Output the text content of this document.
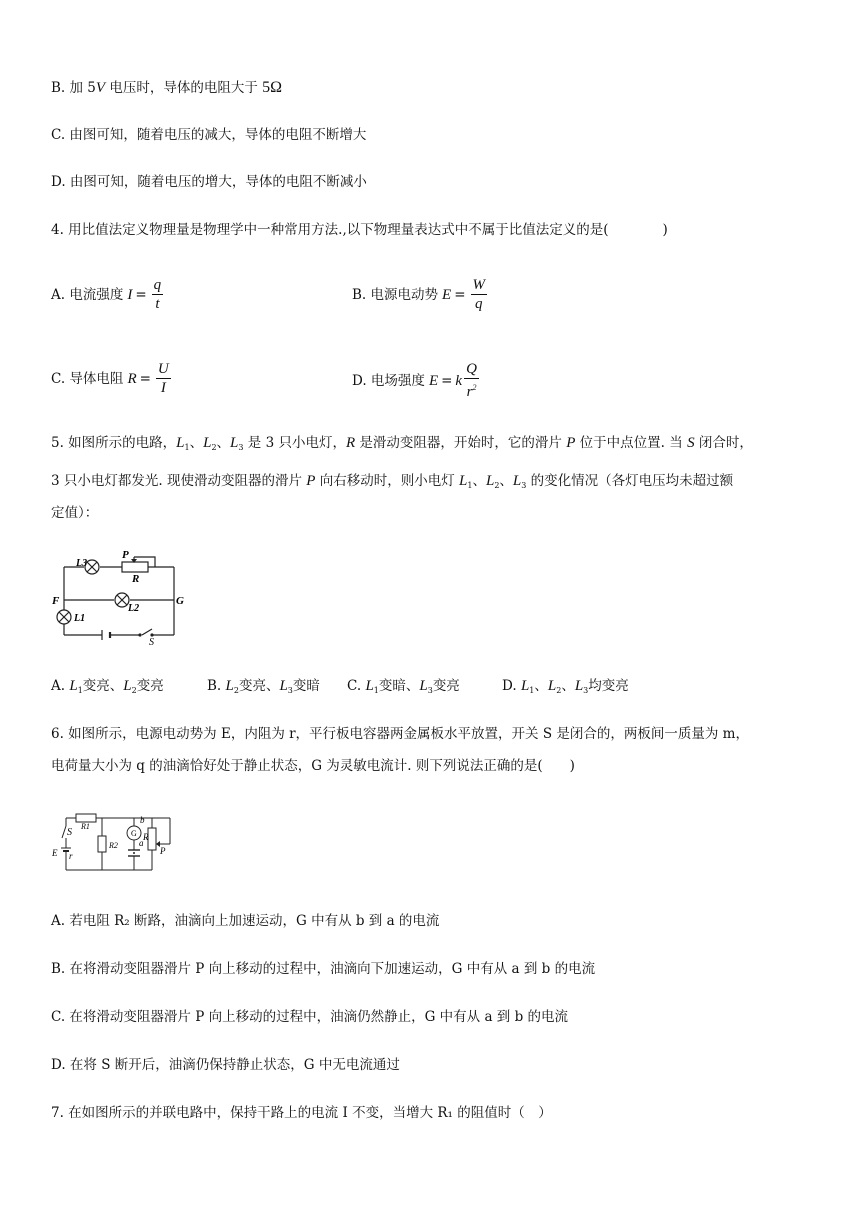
B. 加 5V 电压时，导体的电阻大于 5Ω
C. 由图可知，随着电压的减大，导体的电阻不断增大
D. 由图可知，随着电压的增大，导体的电阻不断减小
4. 用比值法定义物理量是物理学中一种常用方法.,以下物理量表达式中不属于比值法定义的是(　　　　)
A. 电流强度 $I = \frac{q}{t}$	B. 电源电动势 $E = \frac{W}{q}$
C. 导体电阻 $R = \frac{U}{I}$	D. 电场强度 E = k $\frac{Q}{r^2}$
5. 如图所示的电路，$L_1$、$L_2$、$L_3$ 是 3 只小电灯，R 是滑动变阻器，开始时，它的滑片 P 位于中点位置. 当 S 闭合时，
3 只小电灯都发光. 现使滑动变阻器的滑片 P 向右移动时，则小电灯 $L_1$、$L_2$、$L_3$ 的变化情况（各灯电压均未超过额
定值）：
L3
P
R
F	G
L1
L2
S
A. $L_1$变亮、$L_2$变亮	B. $L_2$变亮、$L_3$变暗 C. $L_1$变暗、$L_3$变亮	D. $L_1$、$L_2$、$L_3$均变亮
6. 如图所示，电源电动势为 E，内阻为 r，平行板电容器两金属板水平放置，开关 S 是闭合的，两板间一质量为 m，
电荷量大小为 q 的油滴恰好处于静止状态，G 为灵敏电流计. 则下列说法正确的是(　　)
S
R1
R2
G
b
a
R
P
E r
A. 若电阻 R₂ 断路，油滴向上加速运动，G 中有从 b 到 a 的电流
B. 在将滑动变阻器滑片 P 向上移动的过程中，油滴向下加速运动，G 中有从 a 到 b 的电流
C. 在将滑动变阻器滑片 P 向上移动的过程中，油滴仍然静止，G 中有从 a 到 b 的电流
D. 在将 S 断开后，油滴仍保持静止状态，G 中无电流通过
7. 在如图所示的并联电路中，保持干路上的电流 I 不变，当增大 R₁ 的阻值时（　）
